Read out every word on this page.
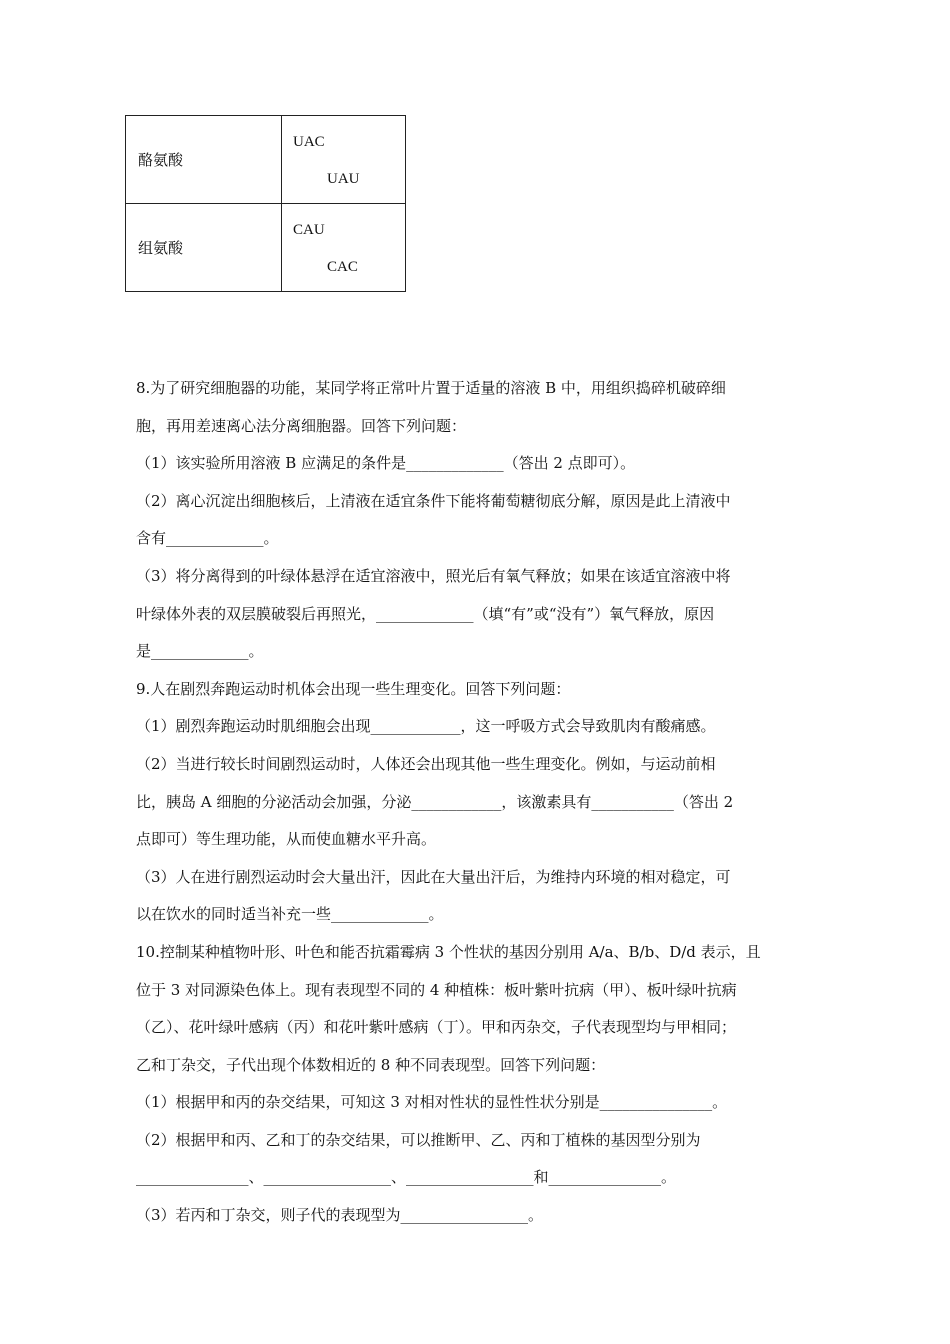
酪氨酸	UAC
UAU

组氨酸	CAU
CAC
8.为了研究细胞器的功能，某同学将正常叶片置于适量的溶液 B 中，用组织捣碎机破碎细
胞，再用差速离心法分离细胞器。回答下列问题：
（1）该实验所用溶液 B 应满足的条件是_____________（答出 2 点即可）。
（2）离心沉淀出细胞核后，上清液在适宜条件下能将葡萄糖彻底分解，原因是此上清液中
含有_____________。
（3）将分离得到的叶绿体悬浮在适宜溶液中，照光后有氧气释放；如果在该适宜溶液中将
叶绿体外表的双层膜破裂后再照光，_____________（填“有”或“没有”）氧气释放，原因
是_____________。
9.人在剧烈奔跑运动时机体会出现一些生理变化。回答下列问题：
（1）剧烈奔跑运动时肌细胞会出现____________，这一呼吸方式会导致肌肉有酸痛感。
（2）当进行较长时间剧烈运动时，人体还会出现其他一些生理变化。例如，与运动前相
比，胰岛 A 细胞的分泌活动会加强，分泌____________，该激素具有___________（答出 2
点即可）等生理功能，从而使血糖水平升高。
（3）人在进行剧烈运动时会大量出汗，因此在大量出汗后，为维持内环境的相对稳定，可
以在饮水的同时适当补充一些_____________。
10.控制某种植物叶形、叶色和能否抗霜霉病 3 个性状的基因分别用 A/a、B/b、D/d 表示，且
位于 3 对同源染色体上。现有表现型不同的 4 种植株：板叶紫叶抗病（甲）、板叶绿叶抗病
（乙）、花叶绿叶感病（丙）和花叶紫叶感病（丁）。甲和丙杂交，子代表现型均与甲相同；
乙和丁杂交，子代出现个体数相近的 8 种不同表现型。回答下列问题：
（1）根据甲和丙的杂交结果，可知这 3 对相对性状的显性性状分别是_______________。
（2）根据甲和丙、乙和丁的杂交结果，可以推断甲、乙、丙和丁植株的基因型分别为
_______________、_________________、_________________和_______________。
（3）若丙和丁杂交，则子代的表现型为_________________。
